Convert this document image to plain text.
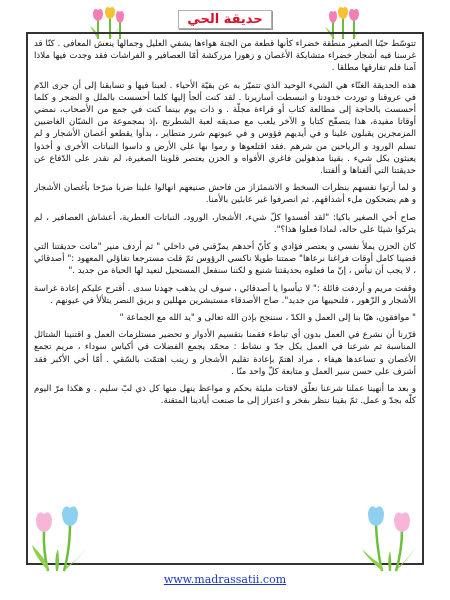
حديقة الحي

تتوسّط حيّنا الصغير منطقة خضراء كأنها قطعة من الجنة هواءها يشفي العليل وجمالها ينعش المعافى . كنّا قد غرسنا فيه أشجار خضراء متشابكة الأغصان و زهورا مزركشة أمّا العصافير و الفراشات فقد وجدت فيها ملاذا آمنا فلم تفارقها مطلقا .

هذه الحديقة الغنّاء هي الشيء الوحيد الذي تتميّز به عن بقيّة الأحياء . لعبنا فيها و تسابقنا إلى أن جرى الدّم في عروقنا و توردت خدودنا و انبسطت أساريرنا . لقد كنت ألجأ إليها كلما أحسست بالملل و الضجر و كلما أحسست بالحاجة إلى مطالعة كتاب أو قراءة مجلّة . و ذات يوم بينما كنت في جمع من الأصحاب، نمضي أوقاتا مفيدة، هذا يتصفّح كتابا و الآخر يلعب مع صديقه لعبة الشطرنج ،إذ بمجموعة من الشبّان الغاضبين المزمجرين يقبلون علينا و في أيديهم فؤوس و في عيونهم شرر متطاير ، بدأوا يقطعو أغصان الأشجار و لم تسلم الورود و الرياحين من شرهم .فقد اقتلعوها و رموا بها على الأرض و داسوا النباتات الأخرى و أخذوا يعبثون بكل شيء . بقينا مذهولين فاغري الأفواه و الحزن يعتصر قلوبنا الصغيرة، لم نقدر على الدّفاع عن حديقتنا التي ألفناها و ألفتنا.

و لما أرتوا نفسهم بنظرات السخط و الاشمئزاز من فاحش صنيعهم انهالوا علينا ضربا مبرّحا بأغصان الأشجار و هم يضحكون ملء أشداقهم. ثم انصرفوا غير عابئين بالأمنا.

صاح أخي الصغير باكيا: "لقد أفسدوا كلّ شيء، الأشجار، الورود، النباتات العطرية، أعشاش العصافير ، لم يتركوا شيئا على حاله، لماذا فعلوا هذا؟".

كان الحزن يملأ نفسي و يعتصر فؤادي و كأنّ أحدهم يمزّقني في داخلي " ثم أردف منير "ماتت حديقتنا التي قضينا كامل أوقات فراغنا نرعاها" صمتنا طويلا ناكسي الرؤوس ثمّ قلت مسترجعا تفاؤلي المعهود :" أصدقائي ، لا يجب أن نيأس ، إنّ ما فعلوه بحديقتنا شنيع و لكننا سنفعل المستحيل لنعيد لها الحياة من جديد ."

وقفت مريم و أردفت قائلة :" لا تيأسوا يا أصدقائي ، سوف لن يذهب جهدنا سدى . أقترح عليكم إعادة غراسة الأشجار و الزّهور ، فلنحييها من جديد". صاح الأصدقاء مستبشرين مهللين و بريق النصر يتلألأ في عيونهم .

" موافقون، هيّا بنا إلى العمل و الكدّ ، سننجح بإذن الله تعالى و "يد الله مع الجماعة "

قرّرنا أن نشرع في العمل بدون أي تباطء فقمنا بتقسيم الأدوار و تحضير مستلزمات العمل و اقتنينا الشتائل المناسبة ثم شرعنا في العمل بكل جدّ و نشاط : محمّد يجمع الفضلات في أكياس سوداء ، مريم تجمع الأغصان و تساعدها هيفاء ، مراد اهتمّ بإعادة تقليم الأشجار و زينب اهتمّت بالسّقي . أمّا أخي الأكبر فقد أشرف على حسن سير العمل و متابعة كلّ واحد منّا .

و بعد ما أنهينا عملنا شرعنا نعلّق لافتات مليئة بحكم و مواعظ ينهل منها كل ذي لبّ سليم . و هكذا مرّ اليوم كلّه بجدّ و عمل. ثمّ بقينا ننظر بفخر و اعتزاز إلى ما صنعت أيادينا المتقنة.

www.madrassatii.com
